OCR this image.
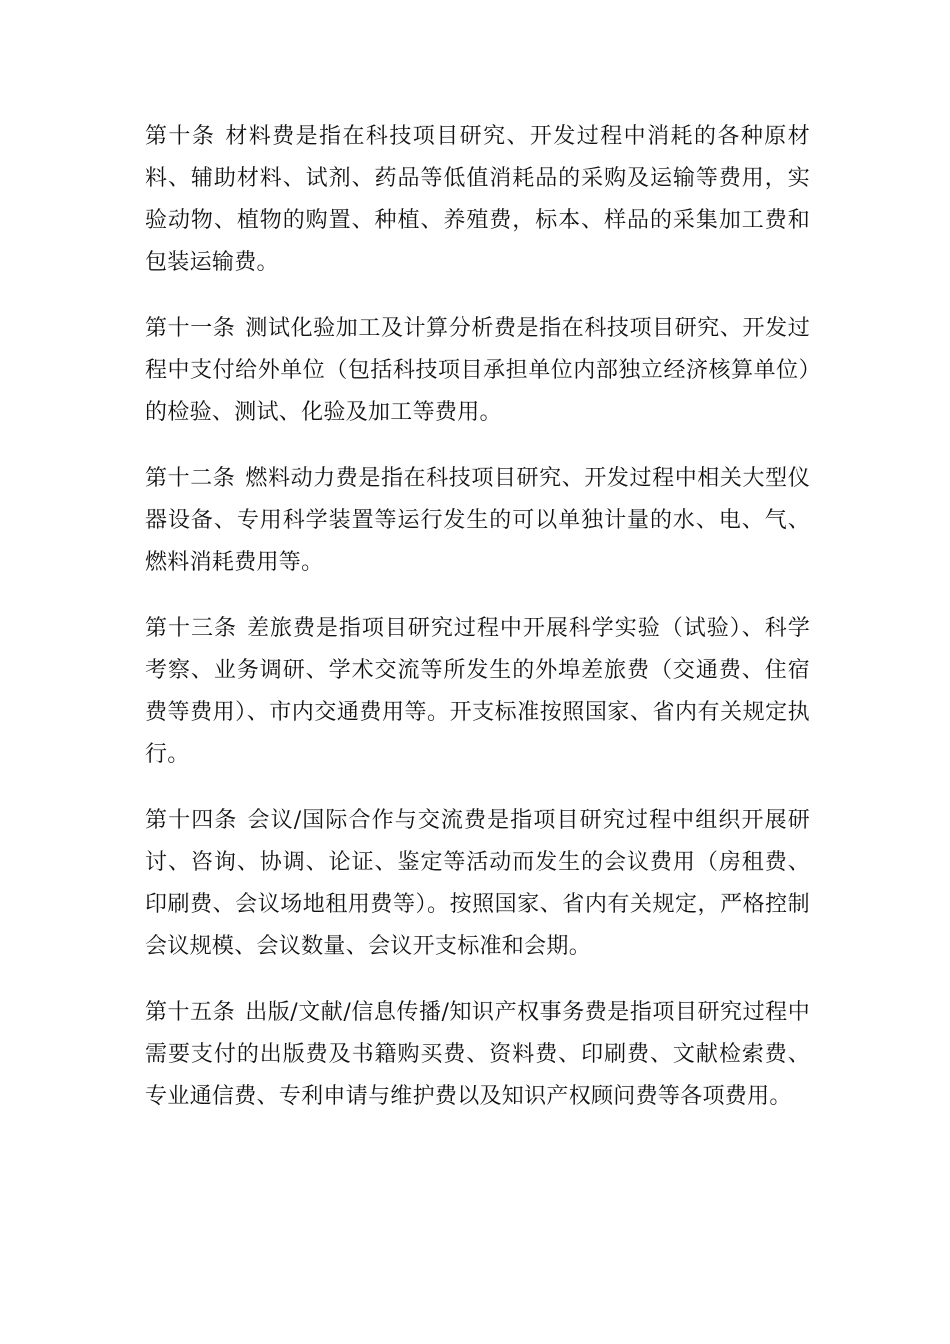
第十条 材料费是指在科技项目研究、开发过程中消耗的各种原材料、辅助材料、试剂、药品等低值消耗品的采购及运输等费用，实验动物、植物的购置、种植、养殖费，标本、样品的采集加工费和包装运输费。

第十一条 测试化验加工及计算分析费是指在科技项目研究、开发过程中支付给外单位（包括科技项目承担单位内部独立经济核算单位）的检验、测试、化验及加工等费用。

第十二条 燃料动力费是指在科技项目研究、开发过程中相关大型仪器设备、专用科学装置等运行发生的可以单独计量的水、电、气、燃料消耗费用等。

第十三条 差旅费是指项目研究过程中开展科学实验（试验）、科学考察、业务调研、学术交流等所发生的外埠差旅费（交通费、住宿费等费用）、市内交通费用等。开支标准按照国家、省内有关规定执行。

第十四条 会议/国际合作与交流费是指项目研究过程中组织开展研讨、咨询、协调、论证、鉴定等活动而发生的会议费用（房租费、印刷费、会议场地租用费等）。按照国家、省内有关规定，严格控制会议规模、会议数量、会议开支标准和会期。

第十五条 出版/文献/信息传播/知识产权事务费是指项目研究过程中需要支付的出版费及书籍购买费、资料费、印刷费、文献检索费、专业通信费、专利申请与维护费以及知识产权顾问费等各项费用。
